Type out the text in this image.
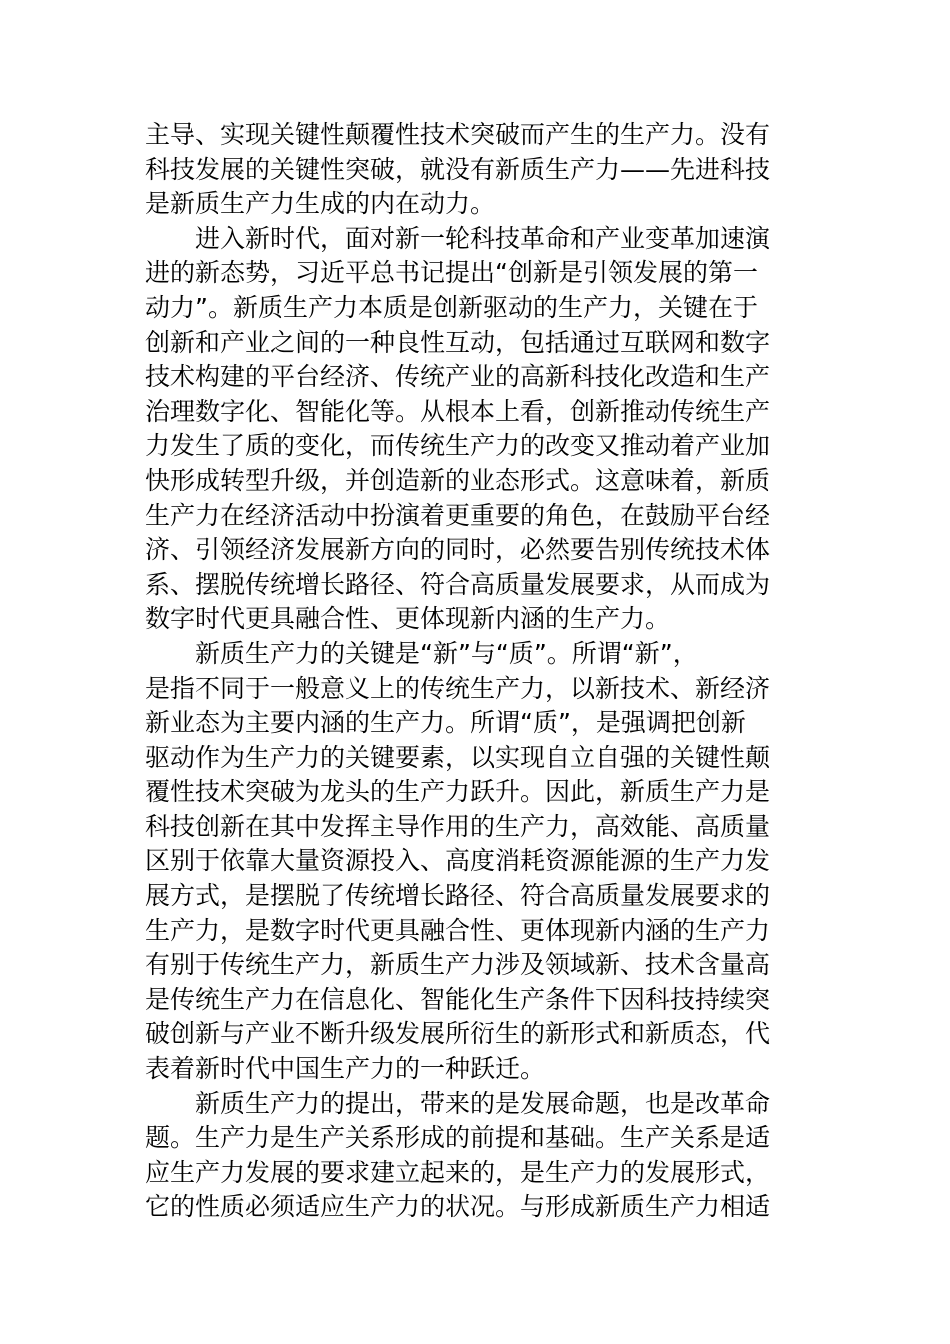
主导、实现关键性颠覆性技术突破而产生的生产力。没有
科技发展的关键性突破，就没有新质生产力——先进科技
是新质生产力生成的内在动力。
进入新时代，面对新一轮科技革命和产业变革加速演
进的新态势，习近平总书记提出“创新是引领发展的第一
动力”。新质生产力本质是创新驱动的生产力，关键在于
创新和产业之间的一种良性互动，包括通过互联网和数字
技术构建的平台经济、传统产业的高新科技化改造和生产
治理数字化、智能化等。从根本上看，创新推动传统生产
力发生了质的变化，而传统生产力的改变又推动着产业加
快形成转型升级，并创造新的业态形式。这意味着，新质
生产力在经济活动中扮演着更重要的角色，在鼓励平台经
济、引领经济发展新方向的同时，必然要告别传统技术体
系、摆脱传统增长路径、符合高质量发展要求，从而成为
数字时代更具融合性、更体现新内涵的生产力。
新质生产力的关键是“新”与“质”。所谓“新”，
是指不同于一般意义上的传统生产力，以新技术、新经济
新业态为主要内涵的生产力。所谓“质”，是强调把创新
驱动作为生产力的关键要素，以实现自立自强的关键性颠
覆性技术突破为龙头的生产力跃升。因此，新质生产力是
科技创新在其中发挥主导作用的生产力，高效能、高质量
区别于依靠大量资源投入、高度消耗资源能源的生产力发
展方式，是摆脱了传统增长路径、符合高质量发展要求的
生产力，是数字时代更具融合性、更体现新内涵的生产力
有别于传统生产力，新质生产力涉及领域新、技术含量高
是传统生产力在信息化、智能化生产条件下因科技持续突
破创新与产业不断升级发展所衍生的新形式和新质态，代
表着新时代中国生产力的一种跃迁。
新质生产力的提出，带来的是发展命题，也是改革命
题。生产力是生产关系形成的前提和基础。生产关系是适
应生产力发展的要求建立起来的，是生产力的发展形式，
它的性质必须适应生产力的状况。与形成新质生产力相适
